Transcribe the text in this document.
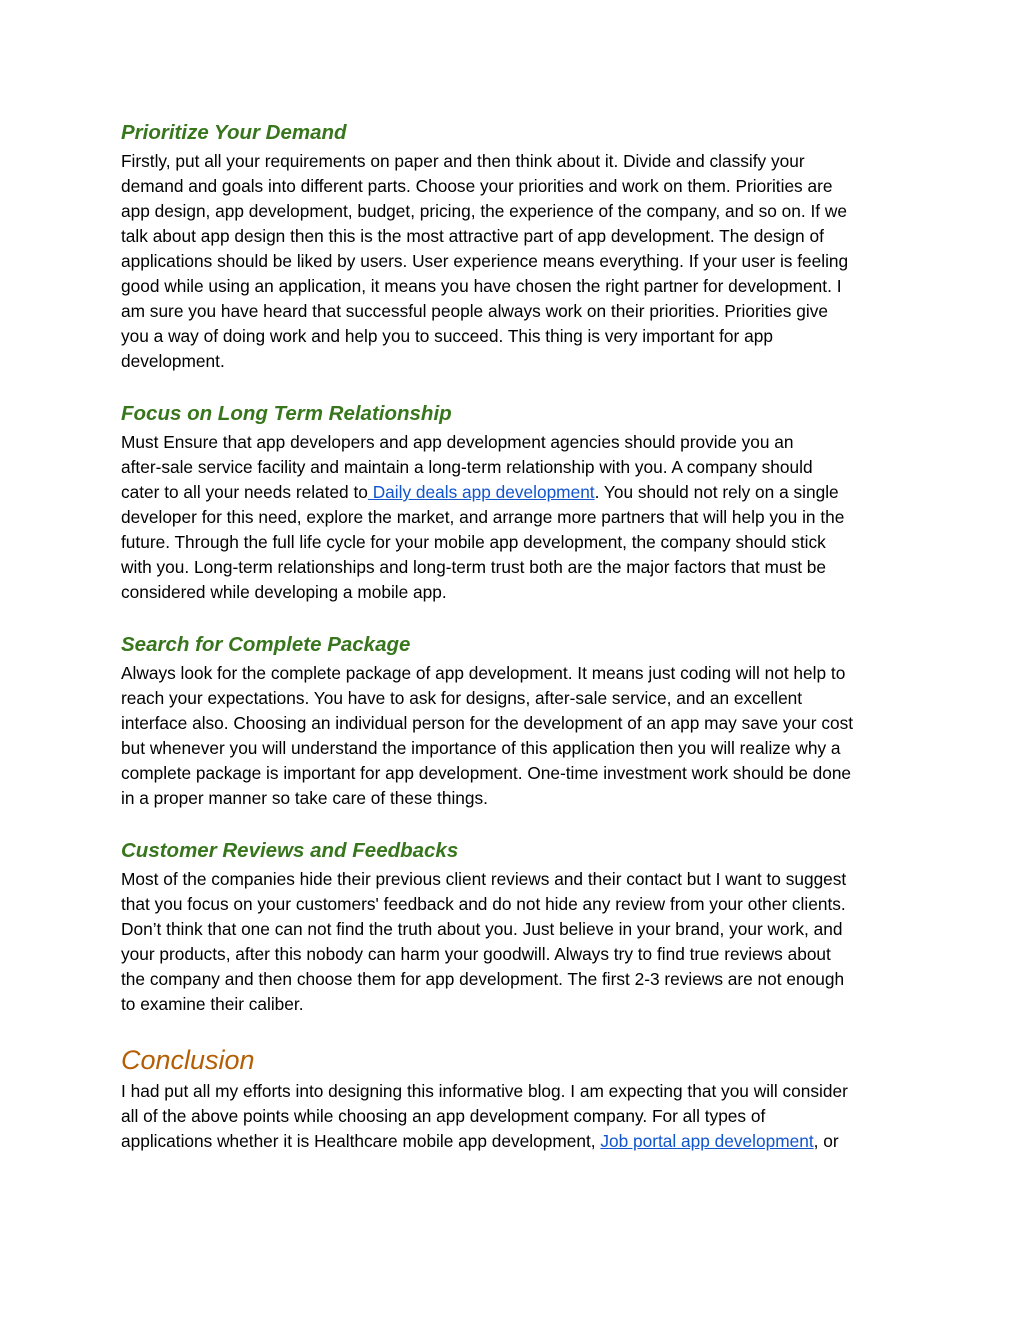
Prioritize Your Demand

Firstly, put all your requirements on paper and then think about it. Divide and classify your
demand and goals into different parts. Choose your priorities and work on them. Priorities are
app design, app development, budget, pricing, the experience of the company, and so on. If we
talk about app design then this is the most attractive part of app development. The design of
applications should be liked by users. User experience means everything. If your user is feeling
good while using an application, it means you have chosen the right partner for development. I
am sure you have heard that successful people always work on their priorities. Priorities give
you a way of doing work and help you to succeed. This thing is very important for app
development.

Focus on Long Term Relationship

Must Ensure that app developers and app development agencies should provide you an
after-sale service facility and maintain a long-term relationship with you. A company should
cater to all your needs related to Daily deals app development. You should not rely on a single
developer for this need, explore the market, and arrange more partners that will help you in the
future. Through the full life cycle for your mobile app development, the company should stick
with you. Long-term relationships and long-term trust both are the major factors that must be
considered while developing a mobile app.

Search for Complete Package

Always look for the complete package of app development. It means just coding will not help to
reach your expectations. You have to ask for designs, after-sale service, and an excellent
interface also. Choosing an individual person for the development of an app may save your cost
but whenever you will understand the importance of this application then you will realize why a
complete package is important for app development. One-time investment work should be done
in a proper manner so take care of these things.

Customer Reviews and Feedbacks

Most of the companies hide their previous client reviews and their contact but I want to suggest
that you focus on your customers' feedback and do not hide any review from your other clients.
Don’t think that one can not find the truth about you. Just believe in your brand, your work, and
your products, after this nobody can harm your goodwill. Always try to find true reviews about
the company and then choose them for app development. The first 2-3 reviews are not enough
to examine their caliber.

Conclusion

I had put all my efforts into designing this informative blog. I am expecting that you will consider
all of the above points while choosing an app development company. For all types of
applications whether it is Healthcare mobile app development, Job portal app development, or
